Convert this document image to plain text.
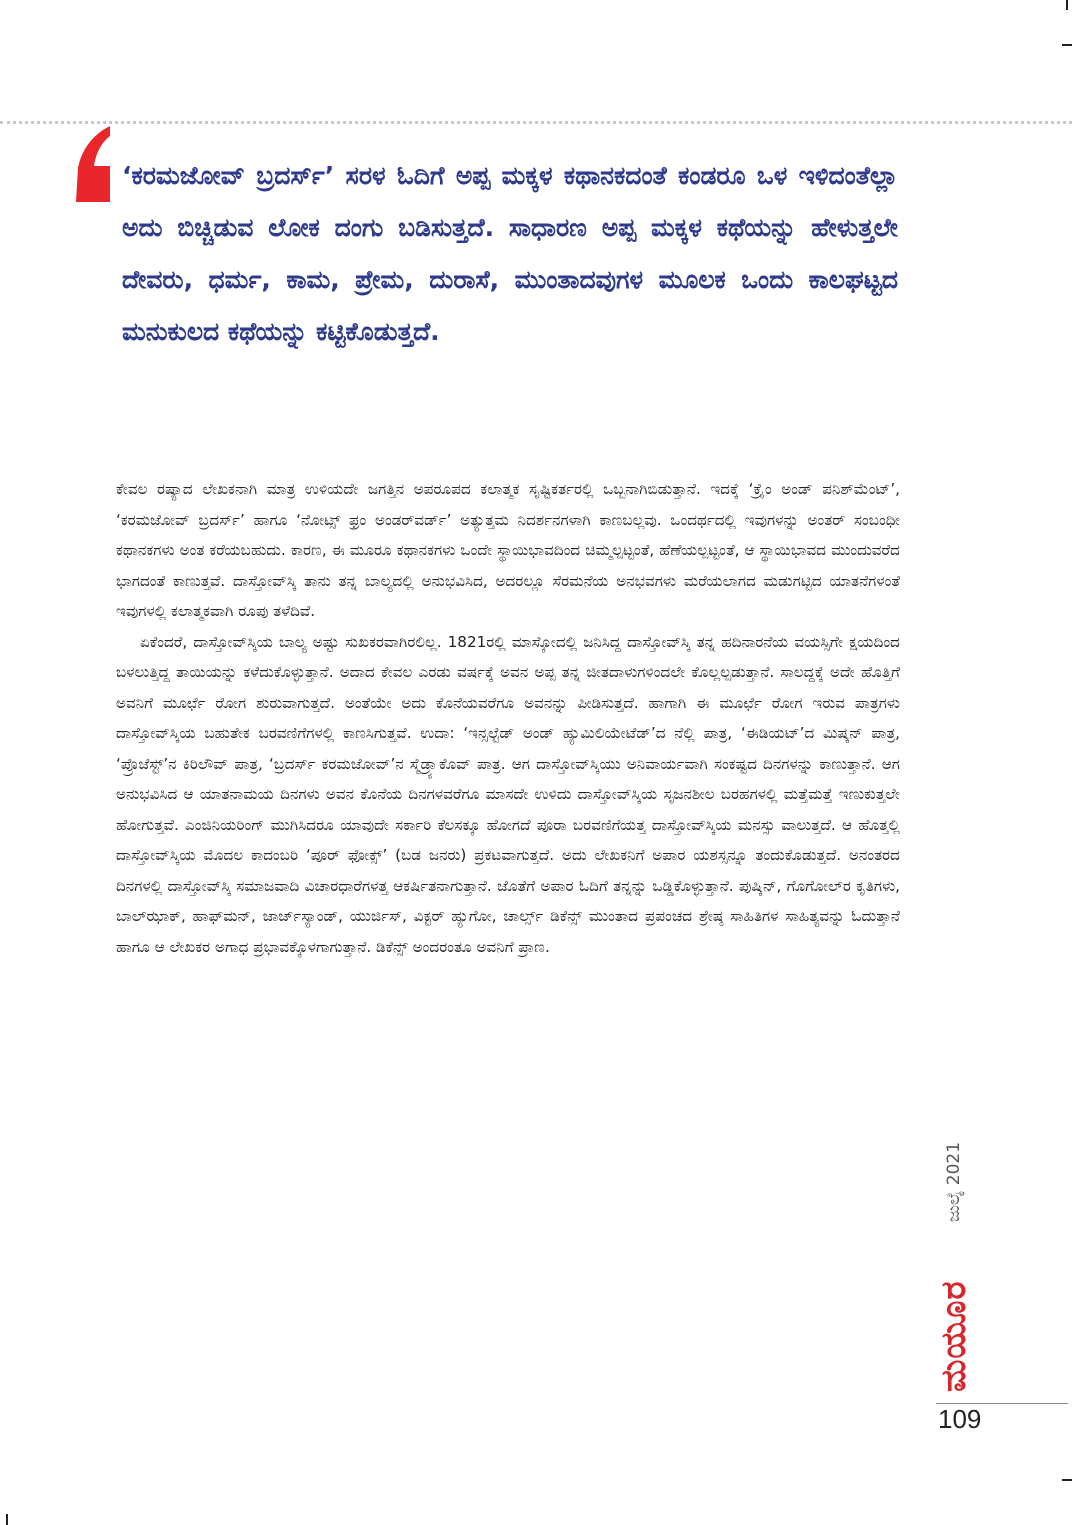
‘ಕರಮಜೋವ್ ಬ್ರದರ್ಸ್’ ಸರಳ ಓದಿಗೆ ಅಪ್ಪ ಮಕ್ಕಳ ಕಥಾನಕದಂತೆ ಕಂಡರೂ ಒಳ ಇಳಿದಂತೆಲ್ಲಾ ಅದು ಬಿಚ್ಚಿಡುವ ಲೋಕ ದಂಗು ಬಡಿಸುತ್ತದೆ. ಸಾಧಾರಣ ಅಪ್ಪ ಮಕ್ಕಳ ಕಥೆಯನ್ನು ಹೇಳುತ್ತಲೇ ದೇವರು, ಧರ್ಮ, ಕಾಮ, ಪ್ರೇಮ, ದುರಾಸೆ, ಮುಂತಾದವುಗಳ ಮೂಲಕ ಒಂದು ಕಾಲಘಟ್ಟದ ಮನುಕುಲದ ಕಥೆಯನ್ನು ಕಟ್ಟಿಕೊಡುತ್ತದೆ.

ಕೇವಲ ರಷ್ಯಾದ ಲೇಖಕನಾಗಿ ಮಾತ್ರ ಉಳಿಯದೇ ಜಗತ್ತಿನ ಅಪರೂಪದ ಕಲಾತ್ಮಕ ಸೃಷ್ಟಿಕರ್ತರಲ್ಲಿ ಒಬ್ಬನಾಗಿಬಿಡುತ್ತಾನೆ. ಇದಕ್ಕೆ ‘ಕ್ರೈಂ ಅಂಡ್ ಪನಿಶ್‌ಮೆಂಟ್’, ‘ಕರಮಜೋವ್ ಬ್ರದರ್ಸ್’ ಹಾಗೂ ‘ನೋಟ್ಸ್ ಫ್ರಂ ಅಂಡರ್‌ವರ್ಡ್’ ಅತ್ಯುತ್ತಮ ನಿದರ್ಶನಗಳಾಗಿ ಕಾಣಬಲ್ಲವು. ಒಂದರ್ಥದಲ್ಲಿ ಇವುಗಳನ್ನು ಅಂತರ್ ಸಂಬಂಧೀ ಕಥಾನಕಗಳು ಅಂತ ಕರೆಯಬಹುದು. ಕಾರಣ, ಈ ಮೂರೂ ಕಥಾನಕಗಳು ಒಂದೇ ಸ್ಥಾಯಿಭಾವದಿಂದ ಚಿಮ್ಮಲ್ಪಟ್ಟಂತೆ, ಹೆಣೆಯಲ್ಪಟ್ಟಂತೆ, ಆ ಸ್ಥಾಯಿಭಾವದ ಮುಂದುವರೆದ ಭಾಗದಂತೆ ಕಾಣುತ್ತವೆ. ದಾಸ್ತೋವ್‌ಸ್ಕಿ ತಾನು ತನ್ನ ಬಾಲ್ಯದಲ್ಲಿ ಅನುಭವಿಸಿದ, ಅದರಲ್ಲೂ ಸೆರಮನೆಯ ಅನಭವಗಳು ಮರೆಯಲಾಗದ ಮಡುಗಟ್ಟಿದ ಯಾತನೆಗಳಂತೆ ಇವುಗಳಲ್ಲಿ ಕಲಾತ್ಮಕವಾಗಿ ರೂಪು ತಳೆದಿವೆ.

ಏಕೆಂದರೆ, ದಾಸ್ತೋವ್‌ಸ್ಕಿಯ ಬಾಲ್ಯ ಅಷ್ಟು ಸುಖಕರವಾಗಿರಲಿಲ್ಲ. 1821ರಲ್ಲಿ ಮಾಸ್ಕೋದಲ್ಲಿ ಜನಿಸಿದ್ದ ದಾಸ್ತೋವ್‌ಸ್ಕಿ ತನ್ನ ಹದಿನಾರನೆಯ ವಯಸ್ಸಿಗೇ ಕ್ಷಯದಿಂದ ಬಳಲುತ್ತಿದ್ದ ತಾಯಿಯನ್ನು ಕಳೆದುಕೊಳ್ಳುತ್ತಾನೆ. ಅದಾದ ಕೇವಲ ಎರಡು ವರ್ಷಕ್ಕೆ ಅವನ ಅಪ್ಪ ತನ್ನ ಜೀತದಾಳುಗಳಿಂದಲೇ ಕೊಲ್ಲಲ್ಪಡುತ್ತಾನೆ. ಸಾಲದ್ದಕ್ಕೆ ಅದೇ ಹೊತ್ತಿಗೆ ಅವನಿಗೆ ಮೂರ್ಛೆ ರೋಗ ಶುರುವಾಗುತ್ತದೆ. ಅಂತೆಯೇ ಅದು ಕೊನೆಯವರೆಗೂ ಅವನನ್ನು ಪೀಡಿಸುತ್ತದೆ. ಹಾಗಾಗಿ ಈ ಮೂರ್ಛೆ ರೋಗ ಇರುವ ಪಾತ್ರಗಳು ದಾಸ್ತೋವ್‌ಸ್ಕಿಯ ಬಹುತೇಕ ಬರವಣಿಗೆಗಳಲ್ಲಿ ಕಾಣಸಿಗುತ್ತವೆ. ಉದಾ: ‘ಇನ್ಸಲ್ಟೆಡ್ ಅಂಡ್ ಹ್ಯುಮಿಲಿಯೇಟೆಡ್’ದ ನೆಲ್ಲಿ ಪಾತ್ರ, ‘ಈಡಿಯಟ್’ದ ಮಿಷ್ಕನ್ ಪಾತ್ರ, ‘ಪ್ರೊಜೆಸ್ಟ್’ನ ಕಿರಿಲೌವ್ ಪಾತ್ರ, ‘ಬ್ರದರ್ಸ್ ಕರಮಜೋವ್’ನ ಸ್ಮೆಡ್ರ್ಯಾಕೊವ್ ಪಾತ್ರ. ಆಗ ದಾಸ್ತೋವ್‌ಸ್ಕಿಯು ಅನಿವಾರ್ಯವಾಗಿ ಸಂಕಷ್ಟದ ದಿನಗಳನ್ನು ಕಾಣುತ್ತಾನೆ. ಆಗ ಅನುಭವಿಸಿದ ಆ ಯಾತನಾಮಯ ದಿನಗಳು ಅವನ ಕೊನೆಯ ದಿನಗಳವರೆಗೂ ಮಾಸದೇ ಉಳಿದು ದಾಸ್ತೋವ್‌ಸ್ಕಿಯ ಸೃಜನಶೀಲ ಬರಹಗಳಲ್ಲಿ ಮತ್ತೆಮತ್ತೆ ಇಣುಕುತ್ತಲೇ ಹೋಗುತ್ತವೆ. ಎಂಜಿನಿಯರಿಂಗ್ ಮುಗಿಸಿದರೂ ಯಾವುದೇ ಸರ್ಕಾರಿ ಕೆಲಸಕ್ಕೂ ಹೋಗದೆ ಪೂರಾ ಬರವಣಿಗೆಯತ್ತ ದಾಸ್ತೋವ್‌ಸ್ಕಿಯ ಮನಸ್ಸು ವಾಲುತ್ತದೆ. ಆ ಹೊತ್ತಲ್ಲಿ ದಾಸ್ತೋವ್‌ಸ್ಕಿಯ ಮೊದಲ ಕಾದಂಬರಿ ‘ಪೂರ್ ಫೋಕ್ಸ್’ (ಬಡ ಜನರು) ಪ್ರಕಟವಾಗುತ್ತದೆ. ಅದು ಲೇಖಕನಿಗೆ ಅಪಾರ ಯಶಸ್ಸನ್ನೂ ತಂದುಕೊಡುತ್ತದೆ. ಅನಂತರದ ದಿನಗಳಲ್ಲಿ ದಾಸ್ತೋವ್‌ಸ್ಕಿ ಸಮಾಜವಾದಿ ವಿಚಾರಧಾರೆಗಳತ್ತ ಆಕರ್ಷಿತನಾಗುತ್ತಾನೆ. ಜೊತೆಗೆ ಅಪಾರ ಓದಿಗೆ ತನ್ನನ್ನು ಒಡ್ಡಿಕೊಳ್ಳುತ್ತಾನೆ. ಪುಷ್ಕಿನ್, ಗೊಗೋಲ್‌ರ ಕೃತಿಗಳು, ಬಾಲ್‌ಝಾಕ್, ಹಾಫ್‌ಮನ್, ಜಾರ್ಜ್‌ಸ್ಯಾಂಡ್, ಯುರ್ಜಿಸ್, ವಿಕ್ಟರ್ ಹ್ಯುಗೋ, ಚಾರ್ಲ್ಸ್ ಡಿಕೆನ್ಸ್ ಮುಂತಾದ ಪ್ರಪಂಚದ ಶ್ರೇಷ್ಠ ಸಾಹಿತಿಗಳ ಸಾಹಿತ್ಯವನ್ನು ಓದುತ್ತಾನೆ ಹಾಗೂ ಆ ಲೇಖಕರ ಅಗಾಧ ಪ್ರಭಾವಕ್ಕೊಳಗಾಗುತ್ತಾನೆ. ಡಿಕೆನ್ಸ್ ಅಂದರಂತೂ ಅವನಿಗೆ ಪ್ರಾಣ.

ಜುಲೈ 2021
ಮಯೂರ
109
